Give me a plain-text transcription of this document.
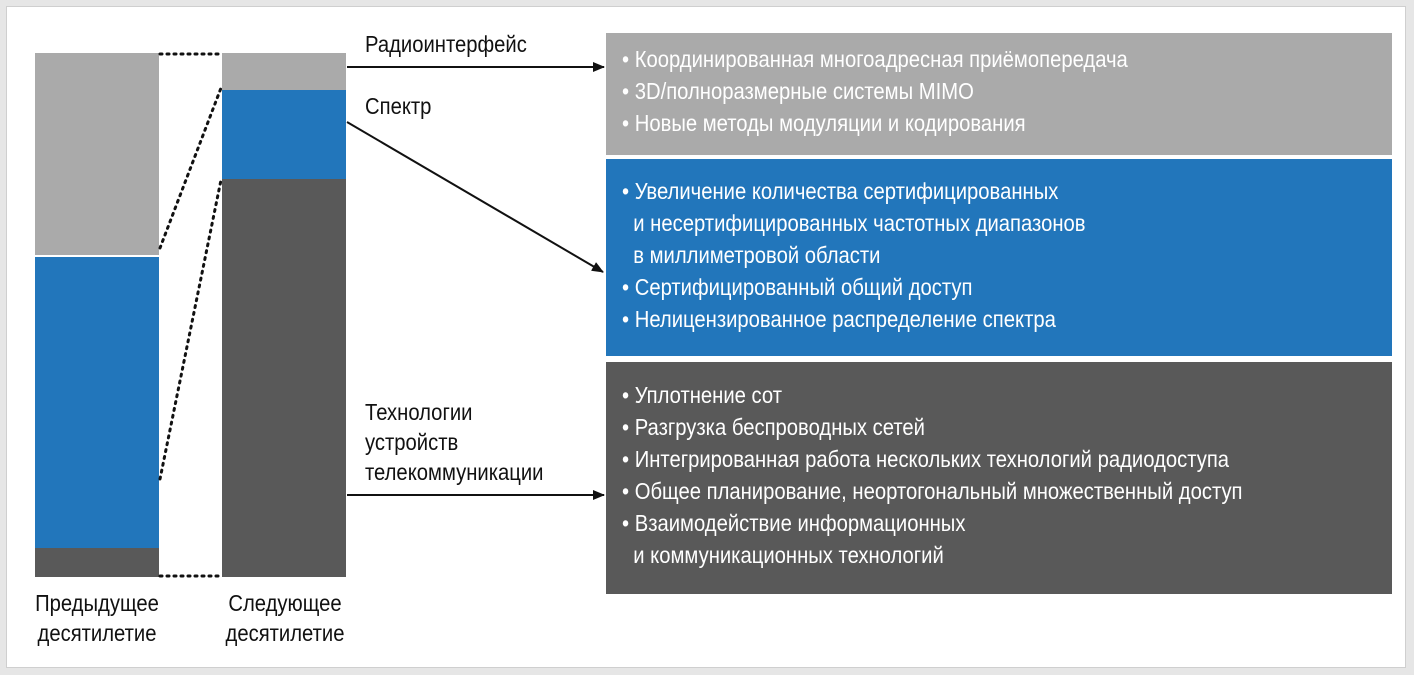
Радиоинтерфейс
Спектр
Технологии
устройств
телекоммуникации
Предыдущее
десятилетие
Следующее
десятилетие
• Координированная многоадресная приёмопередача
• 3D/полноразмерные системы MIMO
• Новые методы модуляции и кодирования
• Увеличение количества сертифицированных
и несертифицированных частотных диапазонов
в миллиметровой области
• Сертифицированный общий доступ
• Нелицензированное распределение спектра
• Уплотнение сот
• Разгрузка беспроводных сетей
• Интегрированная работа нескольких технологий радиодоступа
• Общее планирование, неортогональный множественный доступ
• Взаимодействие информационных
и коммуникационных технологий
